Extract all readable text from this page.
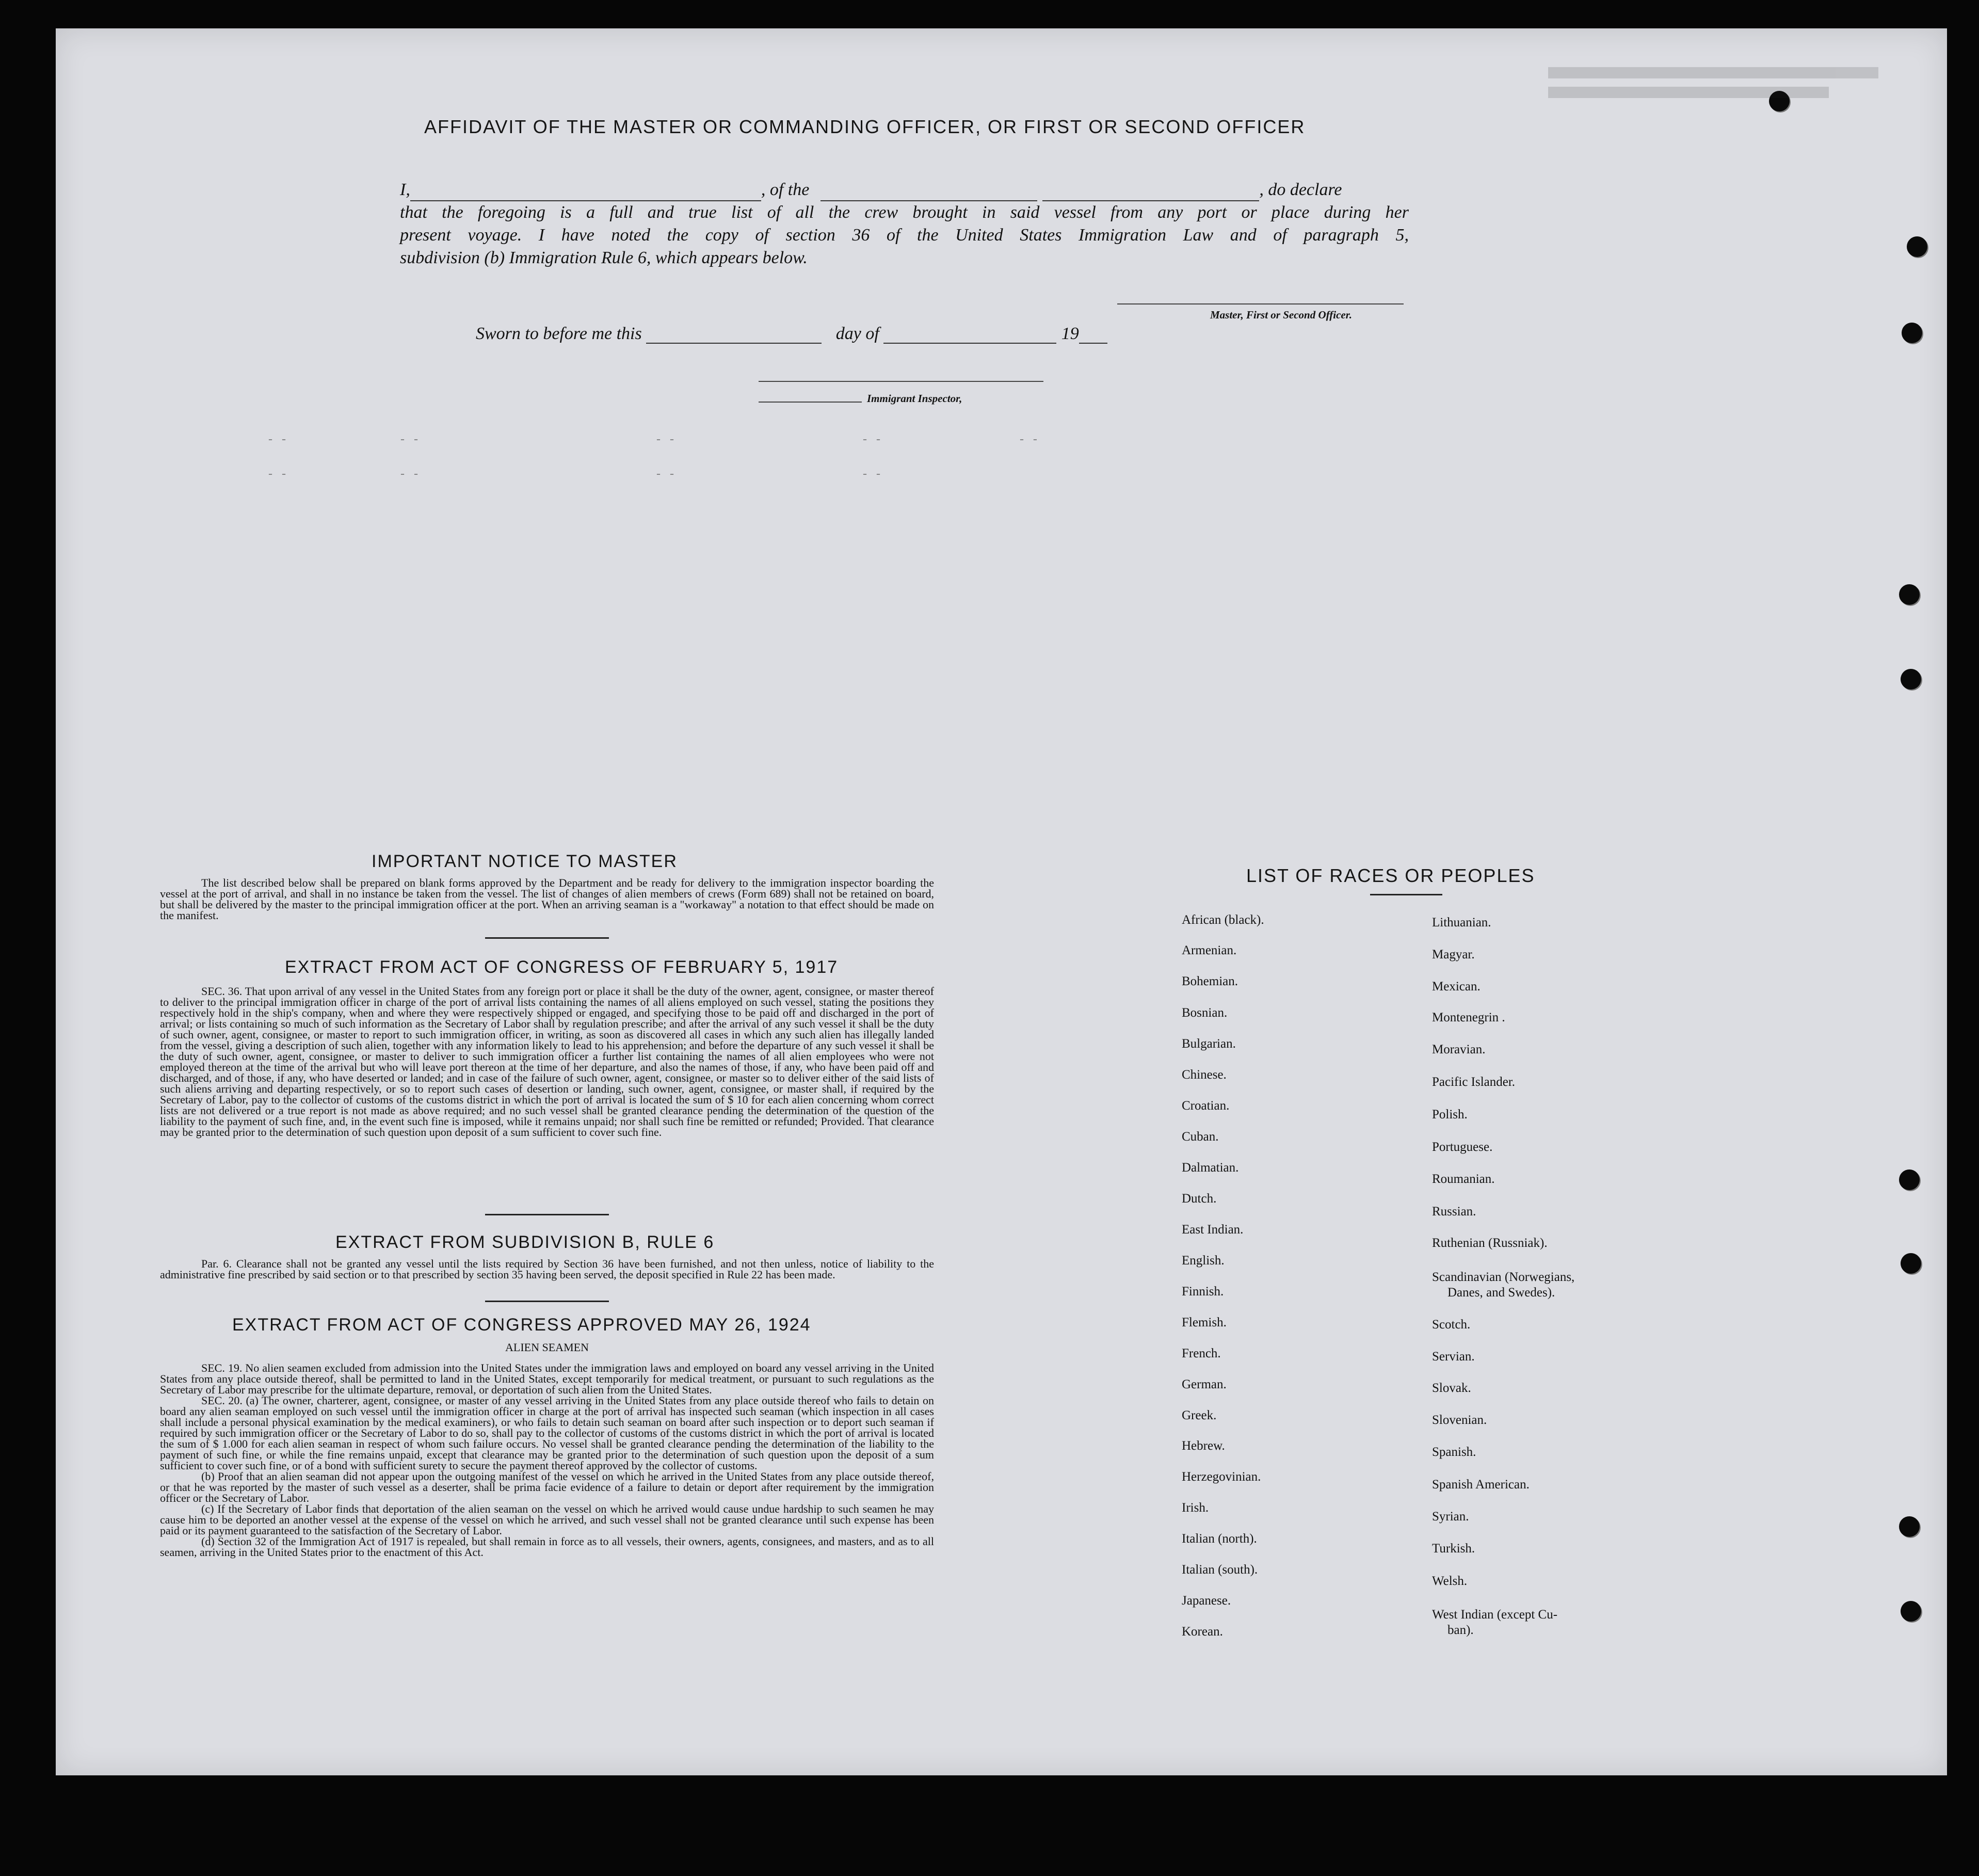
AFFIDAVIT OF THE MASTER OR COMMANDING OFFICER, OR FIRST OR SECOND OFFICER
I,	, of the	, do declare
that the foregoing is a full and true list of all the crew brought in said vessel from any port or place during her
present voyage. I have noted the copy of section 36 of the United States Immigration Law and of paragraph 5,
subdivision (b) Immigration Rule 6, which appears below.
Master, First or Second Officer.
Sworn to before me this	day of	19
Immigrant Inspector,
- -                  - -                                      - -                              - -                      - -
- -                  - -                                      - -                              - -
IMPORTANT NOTICE TO MASTER

The list described below shall be prepared on blank forms approved by the Department and be ready for delivery to the immigration inspector boarding the vessel at the port of arrival, and shall in no instance be taken from the vessel. The list of changes of alien members of crews (Form 689) shall not be retained on board, but shall be delivered by the master to the principal immigration officer at the port. When an arriving seaman is a "workaway" a notation to that effect should be made on the manifest.

EXTRACT FROM ACT OF CONGRESS OF FEBRUARY 5, 1917

SEC. 36. That upon arrival of any vessel in the United States from any foreign port or place it shall be the duty of the owner, agent, consignee, or master thereof to deliver to the principal immigration officer in charge of the port of arrival lists containing the names of all aliens employed on such vessel, stating the positions they respectively hold in the ship's company, when and where they were respectively shipped or engaged, and specifying those to be paid off and discharged in the port of arrival; or lists containing so much of such information as the Secretary of Labor shall by regulation prescribe; and after the arrival of any such vessel it shall be the duty of such owner, agent, consignee, or master to report to such immigration officer, in writing, as soon as discovered all cases in which any such alien has illegally landed from the vessel, giving a description of such alien, together with any information likely to lead to his apprehension; and before the departure of any such vessel it shall be the duty of such owner, agent, consignee, or master to deliver to such immigration officer a further list containing the names of all alien employees who were not employed thereon at the time of the arrival but who will leave port thereon at the time of her departure, and also the names of those, if any, who have been paid off and discharged, and of those, if any, who have deserted or landed; and in case of the failure of such owner, agent, consignee, or master so to deliver either of the said lists of such aliens arriving and departing respectively, or so to report such cases of desertion or landing, such owner, agent, consignee, or master shall, if required by the Secretary of Labor, pay to the collector of customs of the customs district in which the port of arrival is located the sum of $ 10 for each alien concerning whom correct lists are not delivered or a true report is not made as above required; and no such vessel shall be granted clearance pending the determination of the question of the liability to the payment of such fine, and, in the event such fine is imposed, while it remains unpaid; nor shall such fine be remitted or refunded; Provided. That clearance may be granted prior to the determination of such question upon deposit of a sum sufficient to cover such fine.

EXTRACT FROM SUBDIVISION B, RULE 6

Par. 6. Clearance shall not be granted any vessel until the lists required by Section 36 have been furnished, and not then unless, notice of liability to the administrative fine prescribed by said section or to that prescribed by section 35 having been served, the deposit specified in Rule 22 has been made.

EXTRACT FROM ACT OF CONGRESS APPROVED MAY 26, 1924
ALIEN SEAMEN

SEC. 19. No alien seamen excluded from admission into the United States under the immigration laws and employed on board any vessel arriving in the United States from any place outside thereof, shall be permitted to land in the United States, except temporarily for medical treatment, or pursuant to such regulations as the Secretary of Labor may prescribe for the ultimate departure, removal, or deportation of such alien from the United States.

SEC. 20. (a) The owner, charterer, agent, consignee, or master of any vessel arriving in the United States from any place outside thereof who fails to detain on board any alien seaman employed on such vessel until the immigration officer in charge at the port of arrival has inspected such seaman (which inspection in all cases shall include a personal physical examination by the medical examiners), or who fails to detain such seaman on board after such inspection or to deport such seaman if required by such immigration officer or the Secretary of Labor to do so, shall pay to the collector of customs of the customs district in which the port of arrival is located the sum of $ 1.000 for each alien seaman in respect of whom such failure occurs. No vessel shall be granted clearance pending the determination of the liability to the payment of such fine, or while the fine remains unpaid, except that clearance may be granted prior to the determination of such question upon the deposit of a sum sufficient to cover such fine, or of a bond with sufficient surety to secure the payment thereof approved by the collector of customs.

(b) Proof that an alien seaman did not appear upon the outgoing manifest of the vessel on which he arrived in the United States from any place outside thereof, or that he was reported by the master of such vessel as a deserter, shall be prima facie evidence of a failure to detain or deport after requirement by the immigration officer or the Secretary of Labor.

(c) If the Secretary of Labor finds that deportation of the alien seaman on the vessel on which he arrived would cause undue hardship to such seamen he may cause him to be deported an another vessel at the expense of the vessel on which he arrived, and such vessel shall not be granted clearance until such expense has been paid or its payment guaranteed to the satisfaction of the Secretary of Labor.

(d) Section 32 of the Immigration Act of 1917 is repealed, but shall remain in force as to all vessels, their owners, agents, consignees, and masters, and as to all seamen, arriving in the United States prior to the enactment of this Act.

LIST OF RACES OR PEOPLES
African (black).
Armenian.
Bohemian.
Bosnian.
Bulgarian.
Chinese.
Croatian.
Cuban.
Dalmatian.
Dutch.
East Indian.
English.
Finnish.
Flemish.
French.
German.
Greek.
Hebrew.
Herzegovinian.
Irish.
Italian (north).
Italian (south).
Japanese.
Korean.
Lithuanian.
Magyar.
Mexican.
Montenegrin .
Moravian.
Pacific Islander.
Polish.
Portuguese.
Roumanian.
Russian.
Ruthenian (Russniak).
Scandinavian (Norwegians,
Danes, and Swedes).
Scotch.
Servian.
Slovak.
Slovenian.
Spanish.
Spanish American.
Syrian.
Turkish.
Welsh.
West Indian (except Cu-
ban).
